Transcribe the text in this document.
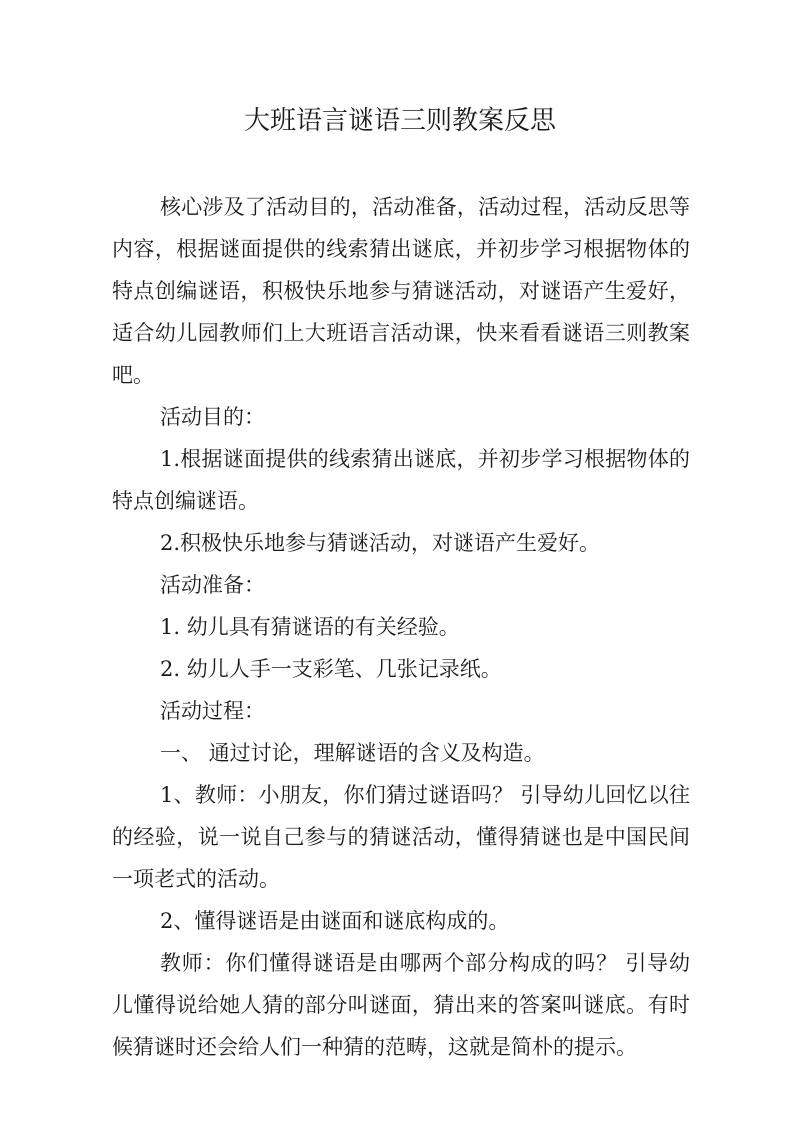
大班语言谜语三则教案反思

核心涉及了活动目的，活动准备，活动过程，活动反思等内容，根据谜面提供的线索猜出谜底，并初步学习根据物体的特点创编谜语，积极快乐地参与猜谜活动，对谜语产生爱好，适合幼儿园教师们上大班语言活动课，快来看看谜语三则教案吧。

活动目的：

1.根据谜面提供的线索猜出谜底，并初步学习根据物体的特点创编谜语。

2.积极快乐地参与猜谜活动，对谜语产生爱好。

活动准备：

1. 幼儿具有猜谜语的有关经验。

2. 幼儿人手一支彩笔、几张记录纸。

活动过程：

一、 通过讨论，理解谜语的含义及构造。

1、教师：小朋友，你们猜过谜语吗？ 引导幼儿回忆以往的经验，说一说自己参与的猜谜活动，懂得猜谜也是中国民间一项老式的活动。

2、懂得谜语是由谜面和谜底构成的。

教师：你们懂得谜语是由哪两个部分构成的吗？ 引导幼儿懂得说给她人猜的部分叫谜面，猜出来的答案叫谜底。有时候猜谜时还会给人们一种猜的范畴，这就是简朴的提示。
